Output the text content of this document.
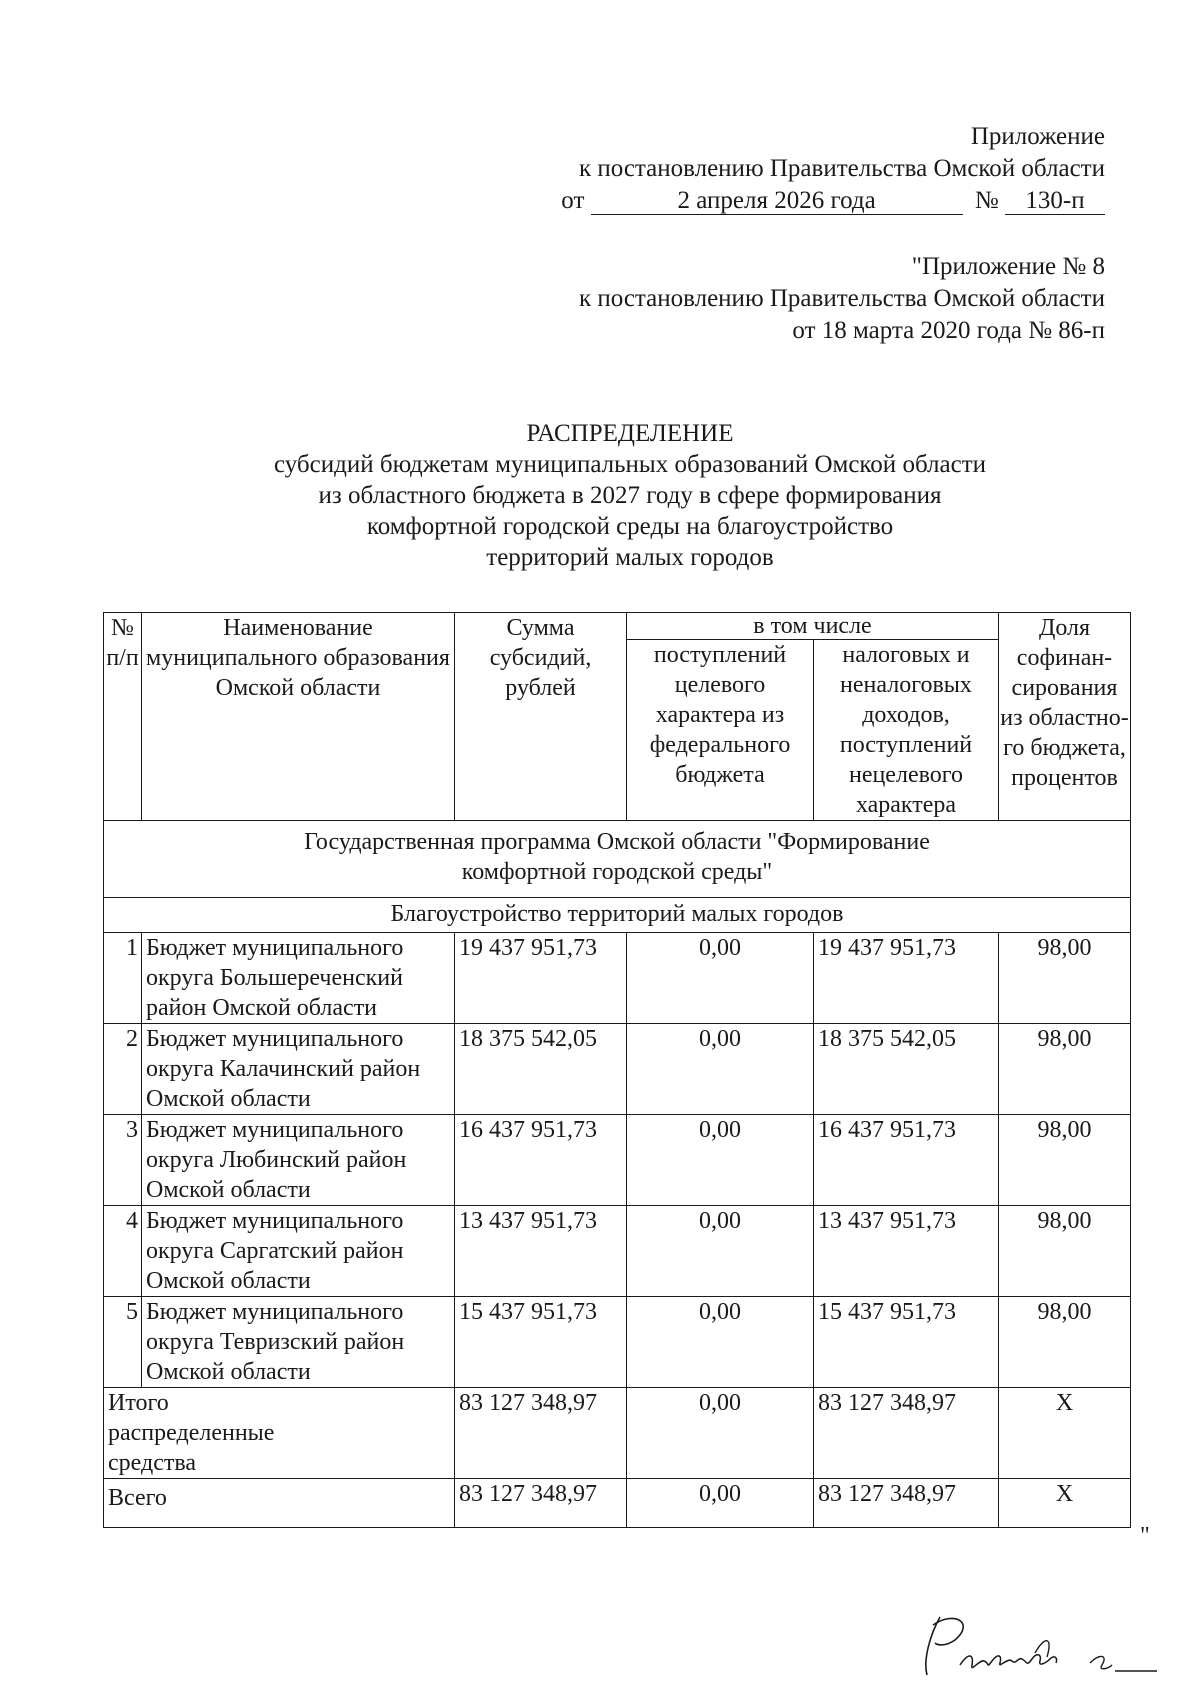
Приложение
к постановлению Правительства Омской области
от	2 апреля 2026 года	№ 130-п
"Приложение № 8
к постановлению Правительства Омской области
от 18 марта 2020 года № 86-п
РАСПРЕДЕЛЕНИЕ
субсидий бюджетам муниципальных образований Омской области
из областного бюджета в 2027 году в сфере формирования
комфортной городской среды на благоустройство
территорий малых городов
№ п/п	Наименование муниципального образования Омской области	Сумма субсидий, рублей	в том числе		Доля софинан-сирования из областно-го бюджета, процентов
			поступлений целевого характера из федерального бюджета	налоговых и неналоговых доходов, поступлений нецелевого характера	
Государственная программа Омской области "Формирование комфортной городской среды"					
Благоустройство территорий малых городов					
1	Бюджет муниципального округа Большереченский район Омской области	19 437 951,73	0,00	19 437 951,73	98,00
2	Бюджет муниципального округа Калачинский район Омской области	18 375 542,05	0,00	18 375 542,05	98,00
3	Бюджет муниципального округа Любинский район Омской области	16 437 951,73	0,00	16 437 951,73	98,00
4	Бюджет муниципального округа Саргатский район Омской области	13 437 951,73	0,00	13 437 951,73	98,00
5	Бюджет муниципального округа Тевризский район Омской области	15 437 951,73	0,00	15 437 951,73	98,00
Итого распределенные средства		83 127 348,97	0,00	83 127 348,97	Х
Всего		83 127 348,97	0,00	83 127 348,97	Х
"
